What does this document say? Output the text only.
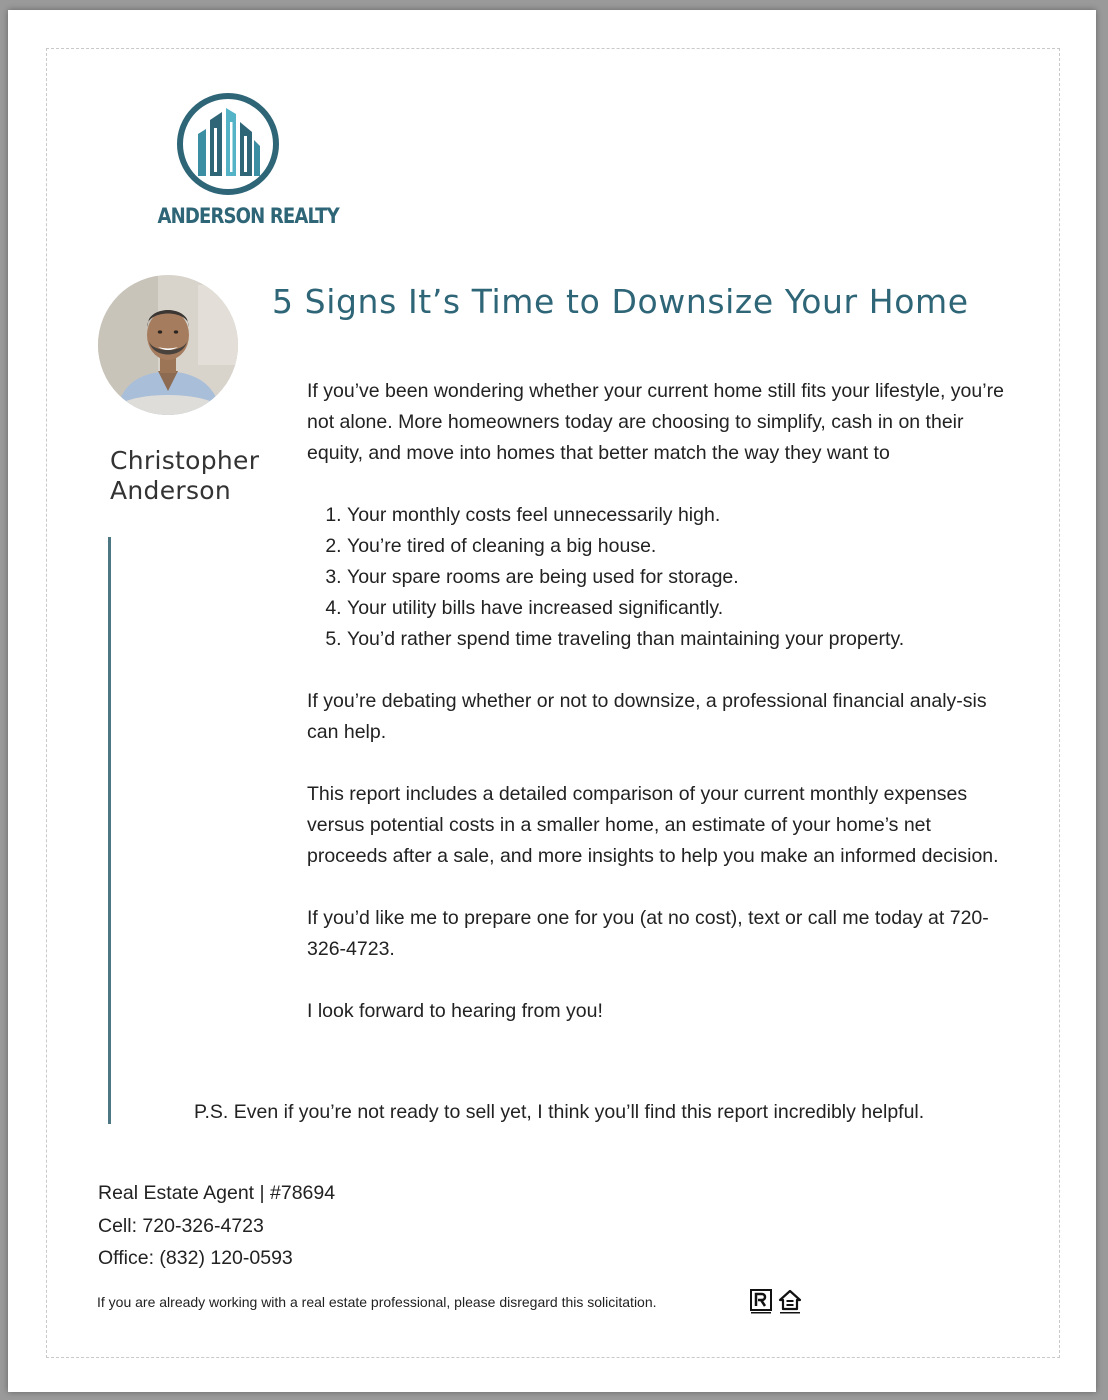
ANDERSON REALTY
Christopher
Anderson
5 Signs It’s Time to Downsize Your Home

If you’ve been wondering whether your current home still fits your lifestyle, you’re not alone. More homeowners today are choosing to simplify, cash in on their equity, and move into homes that better match the way they want to

1. Your monthly costs feel unnecessarily high.
2. You’re tired of cleaning a big house.
3. Your spare rooms are being used for storage.
4. Your utility bills have increased significantly.
5. You’d rather spend time traveling than maintaining your property.

If you’re debating whether or not to downsize, a professional financial analy-sis can help.

This report includes a detailed comparison of your current monthly expenses versus potential costs in a smaller home, an estimate of your home’s net proceeds after a sale, and more insights to help you make an informed decision.

If you’d like me to prepare one for you (at no cost), text or call me today at 720-326-4723.

I look forward to hearing from you!

P.S. Even if you’re not ready to sell yet, I think you’ll find this report incredibly helpful.
Real Estate Agent | #78694
Cell: 720-326-4723
Office: (832) 120-0593
If you are already working with a real estate professional, please disregard this solicitation.
